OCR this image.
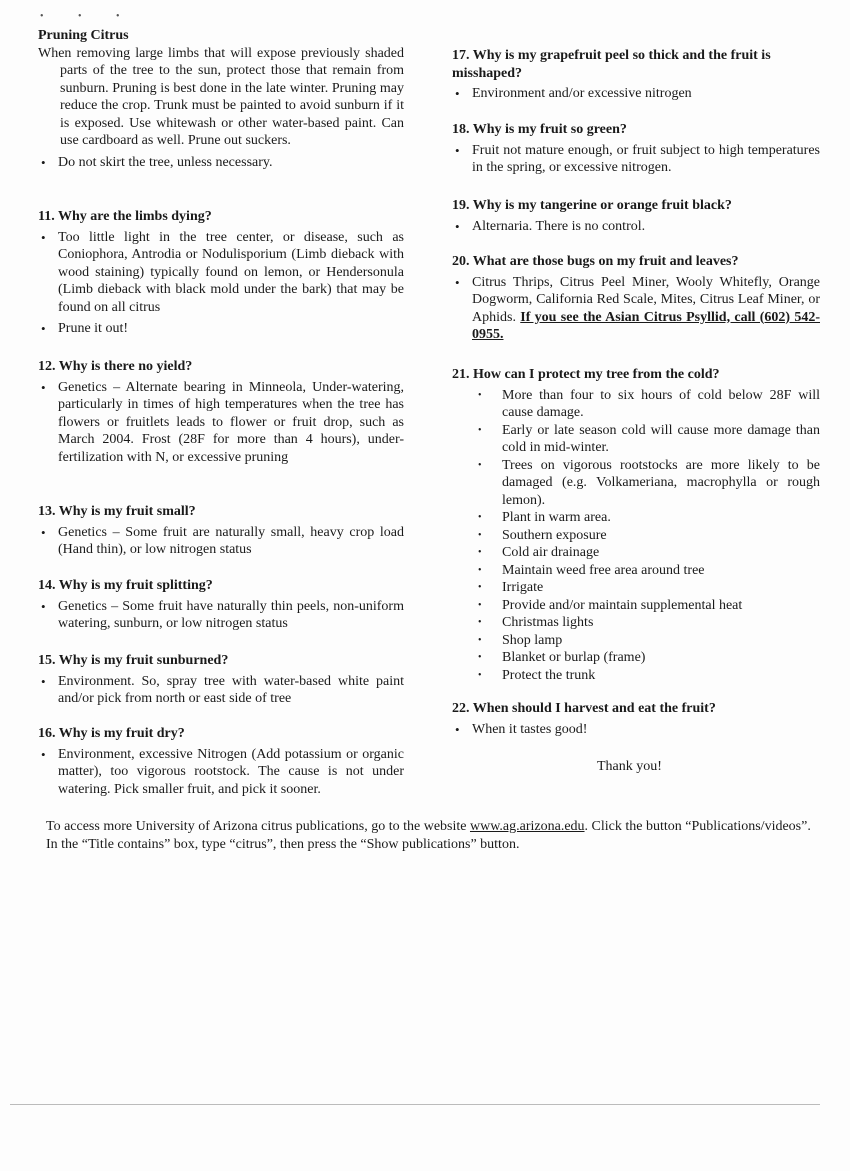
• • •
Pruning Citrus
When removing large limbs that will expose previously shaded parts of the tree to the sun, protect those that remain from sunburn. Pruning is best done in the late winter. Pruning may reduce the crop. Trunk must be painted to avoid sunburn if it is exposed. Use whitewash or other water-based paint. Can use cardboard as well. Prune out suckers.
• Do not skirt the tree, unless necessary.
11. Why are the limbs dying?
• Too little light in the tree center, or disease, such as Coniophora, Antrodia or Nodulisporium (Limb dieback with wood staining) typically found on lemon, or Hendersonula (Limb dieback with black mold under the bark) that may be found on all citrus
• Prune it out!
12. Why is there no yield?
• Genetics – Alternate bearing in Minneola, Under-watering, particularly in times of high temperatures when the tree has flowers or fruitlets leads to flower or fruit drop, such as March 2004. Frost (28F for more than 4 hours), under-fertilization with N, or excessive pruning
13. Why is my fruit small?
• Genetics – Some fruit are naturally small, heavy crop load (Hand thin), or low nitrogen status
14. Why is my fruit splitting?
• Genetics – Some fruit have naturally thin peels, non-uniform watering, sunburn, or low nitrogen status
15. Why is my fruit sunburned?
• Environment. So, spray tree with water-based white paint and/or pick from north or east side of tree
16. Why is my fruit dry?
• Environment, excessive Nitrogen (Add potassium or organic matter), too vigorous rootstock. The cause is not under watering. Pick smaller fruit, and pick it sooner.
17. Why is my grapefruit peel so thick and the fruit is misshaped?
• Environment and/or excessive nitrogen
18. Why is my fruit so green?
• Fruit not mature enough, or fruit subject to high temperatures in the spring, or excessive nitrogen.
19. Why is my tangerine or orange fruit black?
• Alternaria. There is no control.
20. What are those bugs on my fruit and leaves?
• Citrus Thrips, Citrus Peel Miner, Wooly Whitefly, Orange Dogworm, California Red Scale, Mites, Citrus Leaf Miner, or Aphids. If you see the Asian Citrus Psyllid, call (602) 542-0955.
21. How can I protect my tree from the cold?
• More than four to six hours of cold below 28F will cause damage.
• Early or late season cold will cause more damage than cold in mid-winter.
• Trees on vigorous rootstocks are more likely to be damaged (e.g. Volkameriana, macrophylla or rough lemon).
• Plant in warm area.
• Southern exposure
• Cold air drainage
• Maintain weed free area around tree
• Irrigate
• Provide and/or maintain supplemental heat
• Christmas lights
• Shop lamp
• Blanket or burlap (frame)
• Protect the trunk
22. When should I harvest and eat the fruit?
• When it tastes good!
Thank you!
To access more University of Arizona citrus publications, go to the website www.ag.arizona.edu. Click the button “Publications/videos”. In the “Title contains” box, type “citrus”, then press the “Show publications” button.
